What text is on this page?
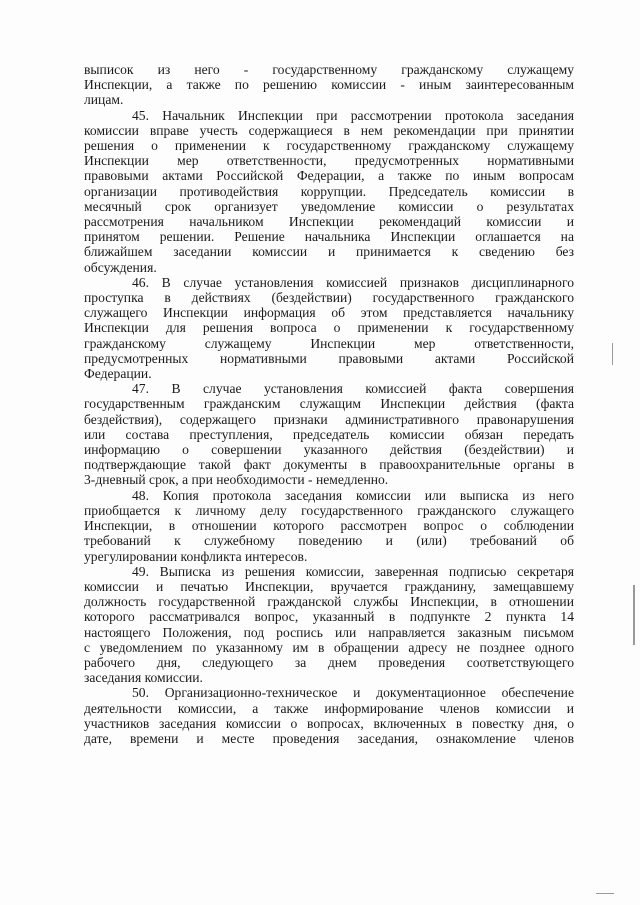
выписок из него - государственному гражданскому служащему
Инспекции, а также по решению комиссии - иным заинтересованным
лицам.
45. Начальник Инспекции при рассмотрении протокола заседания
комиссии вправе учесть содержащиеся в нем рекомендации при принятии
решения о применении к государственному гражданскому служащему
Инспекции мер ответственности, предусмотренных нормативными
правовыми актами Российской Федерации, а также по иным вопросам
организации противодействия коррупции. Председатель комиссии в
месячный срок организует уведомление комиссии о результатах
рассмотрения начальником Инспекции рекомендаций комиссии и
принятом решении. Решение начальника Инспекции оглашается на
ближайшем заседании комиссии и принимается к сведению без
обсуждения.
46. В случае установления комиссией признаков дисциплинарного
проступка в действиях (бездействии) государственного гражданского
служащего Инспекции информация об этом представляется начальнику
Инспекции для решения вопроса о применении к государственному
гражданскому служащему Инспекции мер ответственности,
предусмотренных нормативными правовыми актами Российской
Федерации.
47. В случае установления комиссией факта совершения
государственным гражданским служащим Инспекции действия (факта
бездействия), содержащего признаки административного правонарушения
или состава преступления, председатель комиссии обязан передать
информацию о совершении указанного действия (бездействии) и
подтверждающие такой факт документы в правоохранительные органы в
3-дневный срок, а при необходимости - немедленно.
48. Копия протокола заседания комиссии или выписка из него
приобщается к личному делу государственного гражданского служащего
Инспекции, в отношении которого рассмотрен вопрос о соблюдении
требований к служебному поведению и (или) требований об
урегулировании конфликта интересов.
49. Выписка из решения комиссии, заверенная подписью секретаря
комиссии и печатью Инспекции, вручается гражданину, замещавшему
должность государственной гражданской службы Инспекции, в отношении
которого рассматривался вопрос, указанный в подпункте 2 пункта 14
настоящего Положения, под роспись или направляется заказным письмом
с уведомлением по указанному им в обращении адресу не позднее одного
рабочего дня, следующего за днем проведения соответствующего
заседания комиссии.
50. Организационно-техническое и документационное обеспечение
деятельности комиссии, а также информирование членов комиссии и
участников заседания комиссии о вопросах, включенных в повестку дня, о
дате, времени и месте проведения заседания, ознакомление членов
